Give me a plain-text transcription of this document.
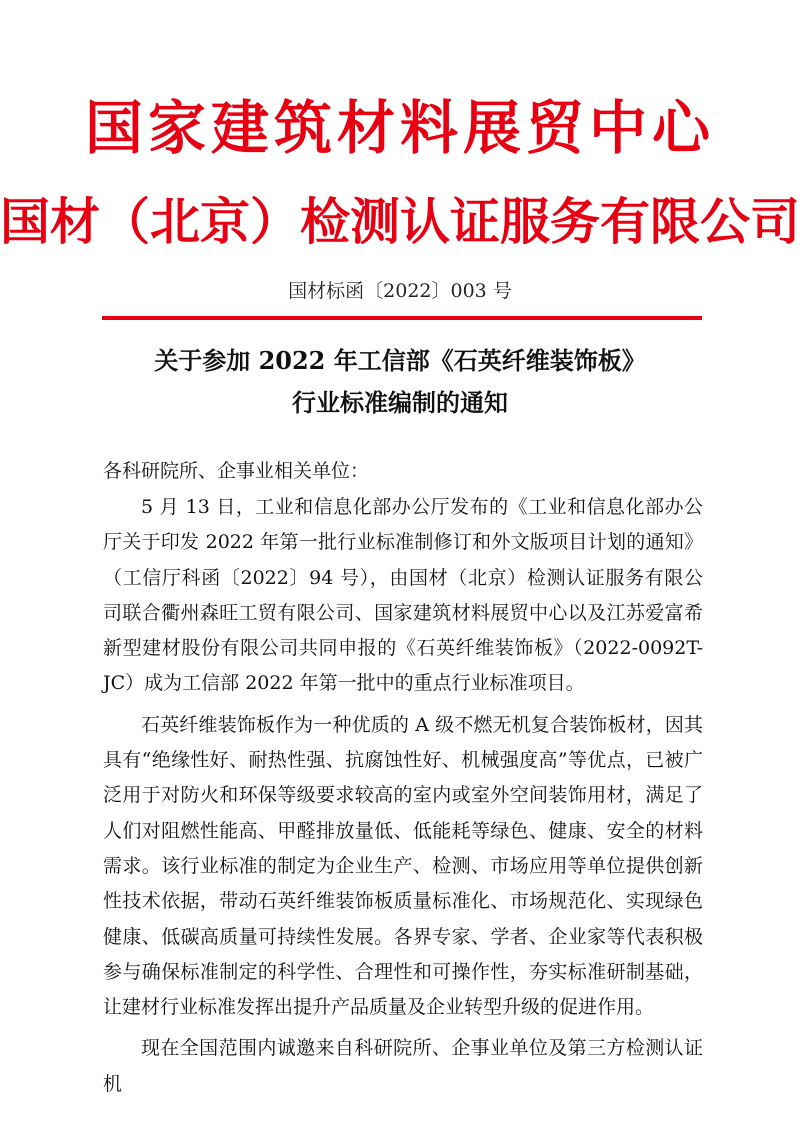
国家建筑材料展贸中心
国材（北京）检测认证服务有限公司
国材标函〔2022〕003 号
关于参加 2022 年工信部《石英纤维装饰板》
行业标准编制的通知
各科研院所、企事业相关单位：

5 月 13 日，工业和信息化部办公厅发布的《工业和信息化部办公厅关于印发 2022 年第一批行业标准制修订和外文版项目计划的通知》（工信厅科函〔2022〕94 号），由国材（北京）检测认证服务有限公司联合衢州森旺工贸有限公司、国家建筑材料展贸中心以及江苏爱富希新型建材股份有限公司共同申报的《石英纤维装饰板》（2022-0092T-JC）成为工信部 2022 年第一批中的重点行业标准项目。

石英纤维装饰板作为一种优质的 A 级不燃无机复合装饰板材，因其具有“绝缘性好、耐热性强、抗腐蚀性好、机械强度高”等优点，已被广泛用于对防火和环保等级要求较高的室内或室外空间装饰用材，满足了人们对阻燃性能高、甲醛排放量低、低能耗等绿色、健康、安全的材料需求。该行业标准的制定为企业生产、检测、市场应用等单位提供创新性技术依据，带动石英纤维装饰板质量标准化、市场规范化、实现绿色健康、低碳高质量可持续性发展。各界专家、学者、企业家等代表积极参与确保标准制定的科学性、合理性和可操作性，夯实标准研制基础，让建材行业标准发挥出提升产品质量及企业转型升级的促进作用。

现在全国范围内诚邀来自科研院所、企事业单位及第三方检测认证机
